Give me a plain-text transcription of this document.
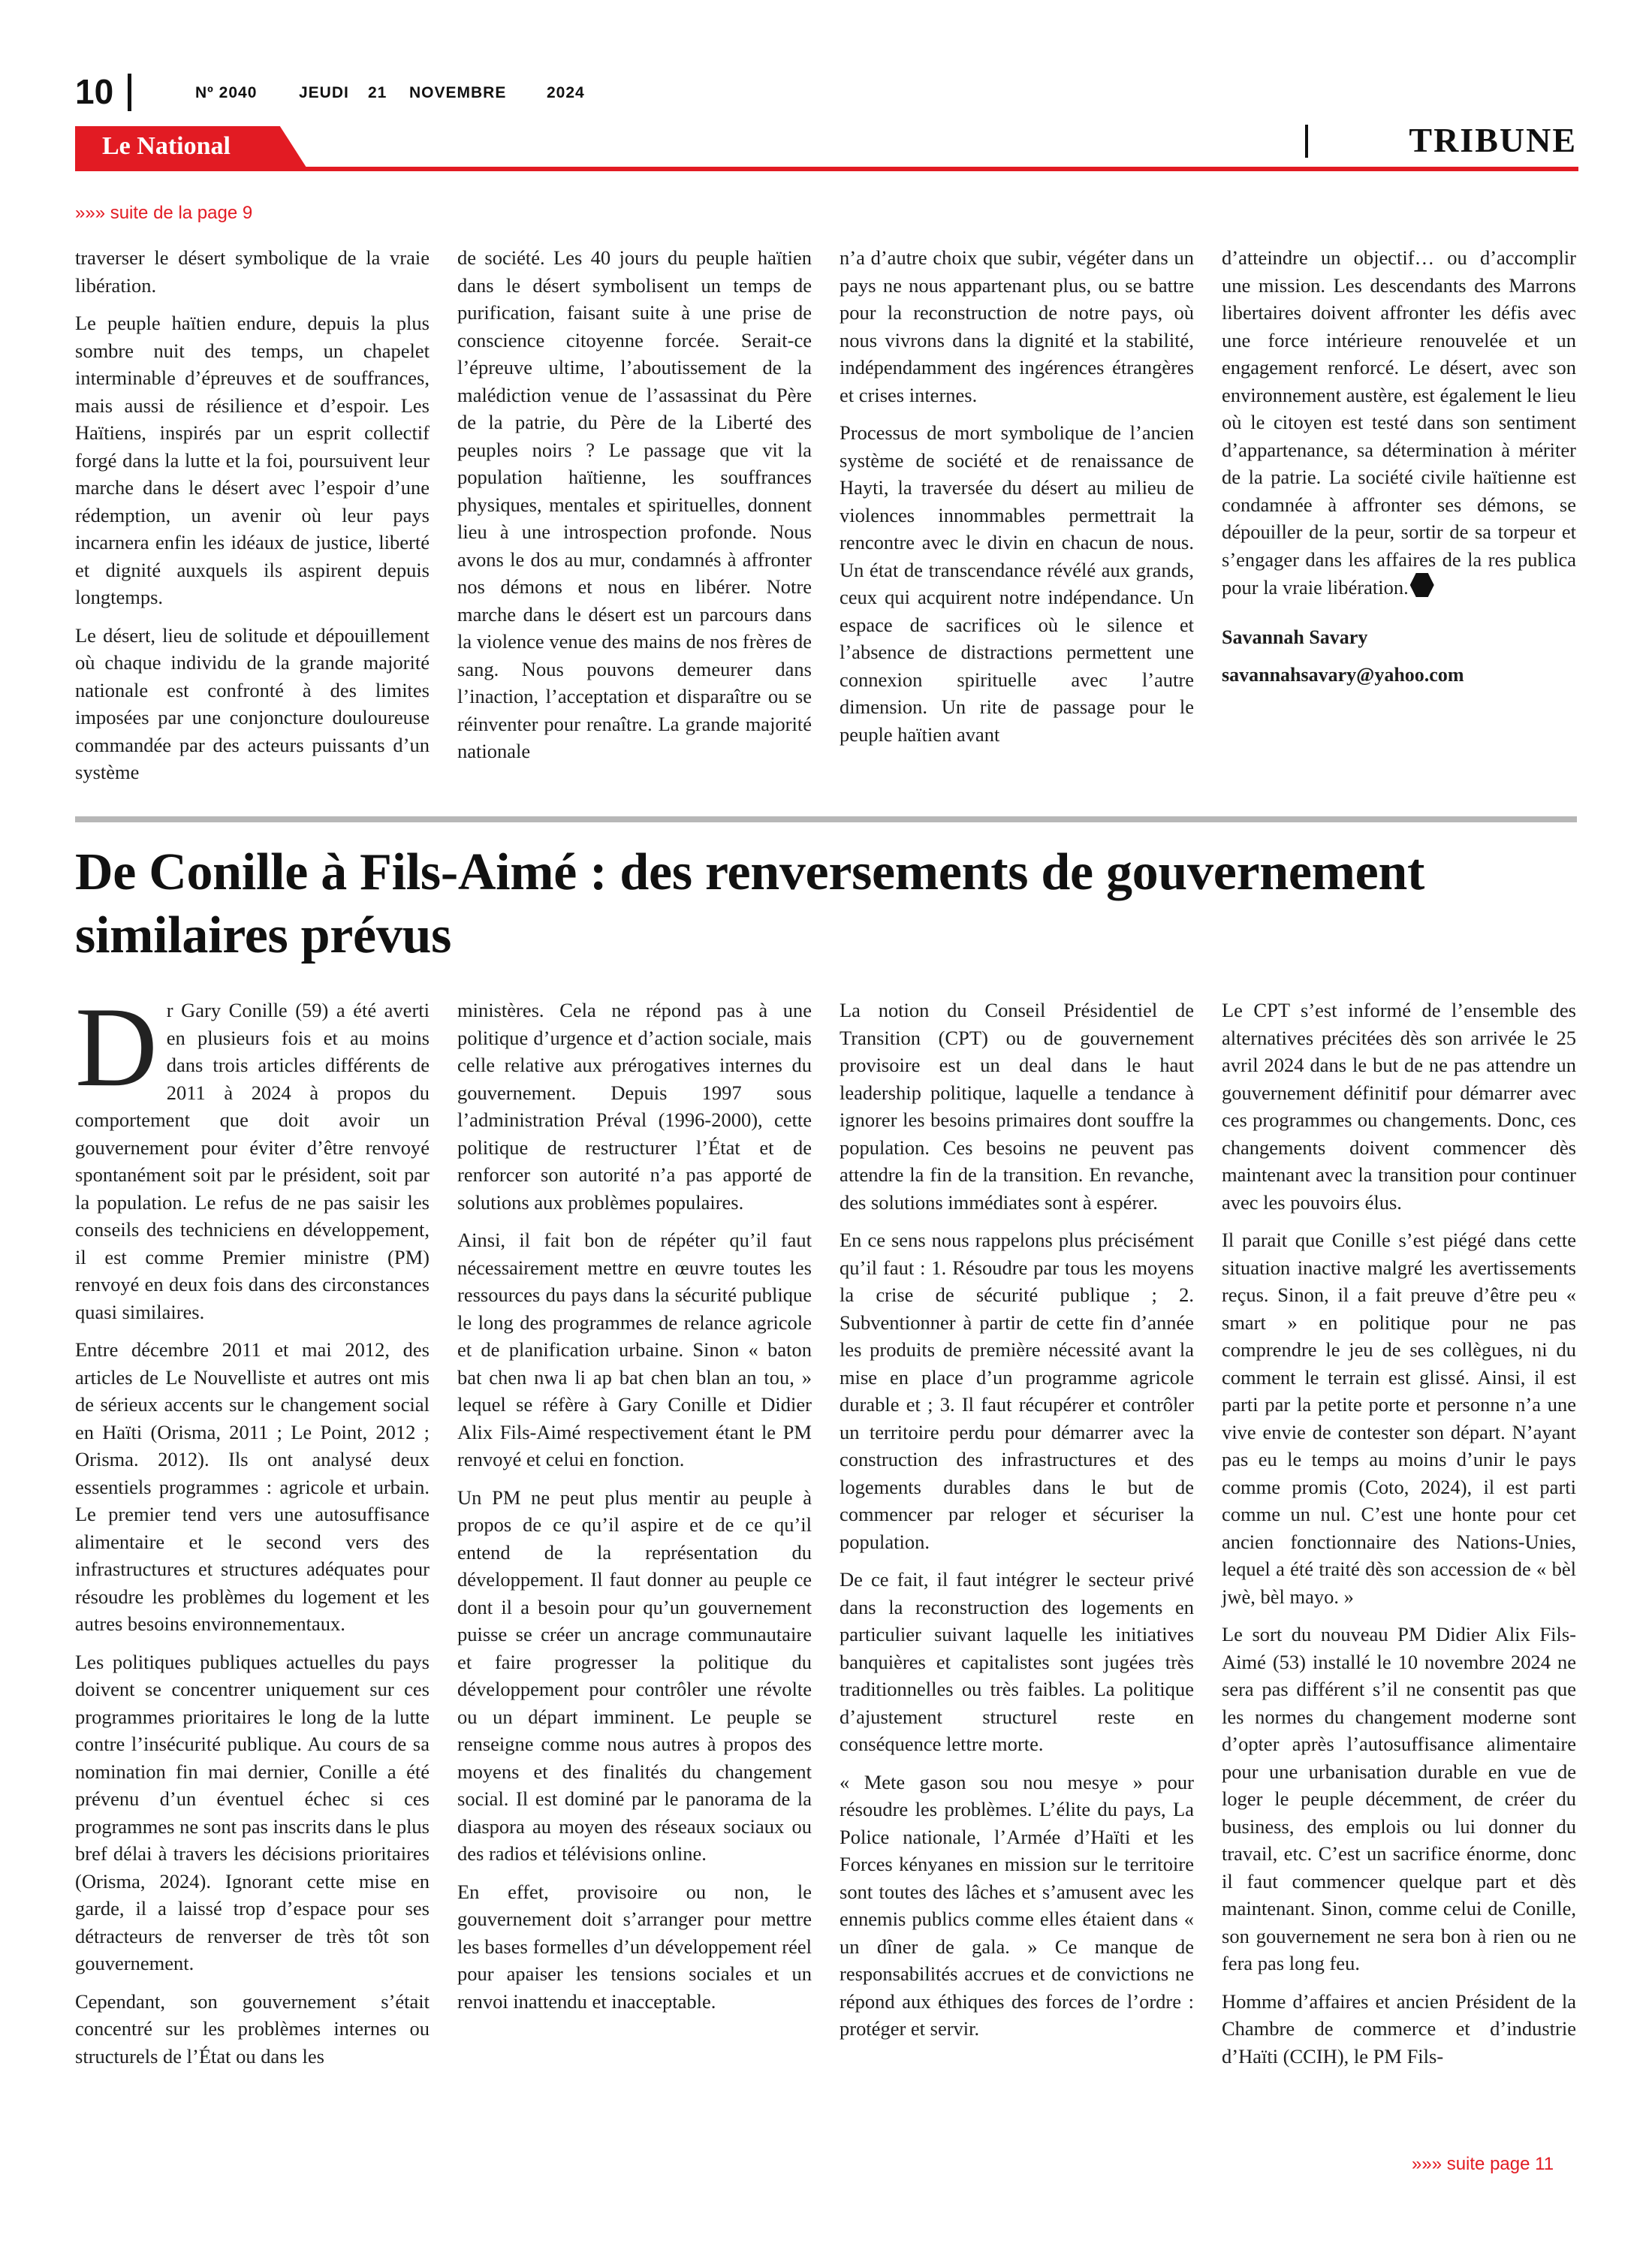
10	Nº 2040	JEUDI 21 NOVEMBRE	2024
Le National	TRIBUNE
»»» suite de la page 9

traverser le désert symbolique de la vraie libération.

Le peuple haïtien endure, depuis la plus sombre nuit des temps, un chapelet interminable d’épreuves et de souffrances, mais aussi de résilience et d’espoir. Les Haïtiens, inspirés par un esprit collectif forgé dans la lutte et la foi, poursuivent leur marche dans le désert avec l’espoir d’une rédemption, un avenir où leur pays incarnera enfin les idéaux de justice, liberté et dignité auxquels ils aspirent depuis longtemps.

Le désert, lieu de solitude et dépouillement où chaque individu de la grande majorité nationale est confronté à des limites imposées par une conjoncture douloureuse commandée par des acteurs puissants d’un système

de société. Les 40 jours du peuple haïtien dans le désert symbolisent un temps de purification, faisant suite à une prise de conscience citoyenne forcée. Serait-ce l’épreuve ultime, l’aboutissement de la malédiction venue de l’assassinat du Père de la patrie, du Père de la Liberté des peuples noirs ? Le passage que vit la population haïtienne, les souffrances physiques, mentales et spirituelles, donnent lieu à une introspection profonde. Nous avons le dos au mur, condamnés à affronter nos démons et nous en libérer. Notre marche dans le désert est un parcours dans la violence venue des mains de nos frères de sang. Nous pouvons demeurer dans l’inaction, l’acceptation et disparaître ou se réinventer pour renaître. La grande majorité nationale

n’a d’autre choix que subir, végéter dans un pays ne nous appartenant plus, ou se battre pour la reconstruction de notre pays, où nous vivrons dans la dignité et la stabilité, indépendamment des ingérences étrangères et crises internes.

Processus de mort symbolique de l’ancien système de société et de renaissance de Hayti, la traversée du désert au milieu de violences innommables permettrait la rencontre avec le divin en chacun de nous. Un état de transcendance révélé aux grands, ceux qui acquirent notre indépendance. Un espace de sacrifices où le silence et l’absence de distractions permettent une connexion spirituelle avec l’autre dimension. Un rite de passage pour le peuple haïtien avant

d’atteindre un objectif… ou d’accomplir une mission. Les descendants des Marrons libertaires doivent affronter les défis avec une force intérieure renouvelée et un engagement renforcé. Le désert, avec son environnement austère, est également le lieu où le citoyen est testé dans son sentiment d’appartenance, sa détermination à mériter de la patrie. La société civile haïtienne est condamnée à affronter ses démons, se dépouiller de la peur, sortir de sa torpeur et s’engager dans les affaires de la res publica pour la vraie libération.

Savannah Savary

savannahsavary@yahoo.com

De Conille à Fils-Aimé : des renversements de gouvernement similaires prévus

Dr Gary Conille (59) a été averti en plusieurs fois et au moins dans trois articles différents de 2011 à 2024 à propos du comportement que doit avoir un gouvernement pour éviter d’être renvoyé spontanément soit par le président, soit par la population. Le refus de ne pas saisir les conseils des techniciens en développement, il est comme Premier ministre (PM) renvoyé en deux fois dans des circonstances quasi similaires.

Entre décembre 2011 et mai 2012, des articles de Le Nouvelliste et autres ont mis de sérieux accents sur le changement social en Haïti (Orisma, 2011 ; Le Point, 2012 ; Orisma. 2012). Ils ont analysé deux essentiels programmes : agricole et urbain. Le premier tend vers une autosuffisance alimentaire et le second vers des infrastructures et structures adéquates pour résoudre les problèmes du logement et les autres besoins environnementaux.

Les politiques publiques actuelles du pays doivent se concentrer uniquement sur ces programmes prioritaires le long de la lutte contre l’insécurité publique. Au cours de sa nomination fin mai dernier, Conille a été prévenu d’un éventuel échec si ces programmes ne sont pas inscrits dans le plus bref délai à travers les décisions prioritaires (Orisma, 2024). Ignorant cette mise en garde, il a laissé trop d’espace pour ses détracteurs de renverser de très tôt son gouvernement.

Cependant, son gouvernement s’était concentré sur les problèmes internes ou structurels de l’État ou dans les

ministères. Cela ne répond pas à une politique d’urgence et d’action sociale, mais celle relative aux prérogatives internes du gouvernement. Depuis 1997 sous l’administration Préval (1996-2000), cette politique de restructurer l’État et de renforcer son autorité n’a pas apporté de solutions aux problèmes populaires.

Ainsi, il fait bon de répéter qu’il faut nécessairement mettre en œuvre toutes les ressources du pays dans la sécurité publique le long des programmes de relance agricole et de planification urbaine. Sinon « baton bat chen nwa li ap bat chen blan an tou, » lequel se réfère à Gary Conille et Didier Alix Fils-Aimé respectivement étant le PM renvoyé et celui en fonction.

Un PM ne peut plus mentir au peuple à propos de ce qu’il aspire et de ce qu’il entend de la représentation du développement. Il faut donner au peuple ce dont il a besoin pour qu’un gouvernement puisse se créer un ancrage communautaire et faire progresser la politique du développement pour contrôler une révolte ou un départ imminent. Le peuple se renseigne comme nous autres à propos des moyens et des finalités du changement social. Il est dominé par le panorama de la diaspora au moyen des réseaux sociaux ou des radios et télévisions online.

En effet, provisoire ou non, le gouvernement doit s’arranger pour mettre les bases formelles d’un développement réel pour apaiser les tensions sociales et un renvoi inattendu et inacceptable.

La notion du Conseil Présidentiel de Transition (CPT) ou de gouvernement provisoire est un deal dans le haut leadership politique, laquelle a tendance à ignorer les besoins primaires dont souffre la population. Ces besoins ne peuvent pas attendre la fin de la transition. En revanche, des solutions immédiates sont à espérer.

En ce sens nous rappelons plus précisément qu’il faut : 1. Résoudre par tous les moyens la crise de sécurité publique ; 2. Subventionner à partir de cette fin d’année les produits de première nécessité avant la mise en place d’un programme agricole durable et ; 3. Il faut récupérer et contrôler un territoire perdu pour démarrer avec la construction des infrastructures et des logements durables dans le but de commencer par reloger et sécuriser la population.

De ce fait, il faut intégrer le secteur privé dans la reconstruction des logements en particulier suivant laquelle les initiatives banquières et capitalistes sont jugées très traditionnelles ou très faibles. La politique d’ajustement structurel reste en conséquence lettre morte.

« Mete gason sou nou mesye » pour résoudre les problèmes. L’élite du pays, La Police nationale, l’Armée d’Haïti et les Forces kényanes en mission sur le territoire sont toutes des lâches et s’amusent avec les ennemis publics comme elles étaient dans « un dîner de gala. » Ce manque de responsabilités accrues et de convictions ne répond aux éthiques des forces de l’ordre : protéger et servir.

Le CPT s’est informé de l’ensemble des alternatives précitées dès son arrivée le 25 avril 2024 dans le but de ne pas attendre un gouvernement définitif pour démarrer avec ces programmes ou changements. Donc, ces changements doivent commencer dès maintenant avec la transition pour continuer avec les pouvoirs élus.

Il parait que Conille s’est piégé dans cette situation inactive malgré les avertissements reçus. Sinon, il a fait preuve d’être peu « smart » en politique pour ne pas comprendre le jeu de ses collègues, ni du comment le terrain est glissé. Ainsi, il est parti par la petite porte et personne n’a une vive envie de contester son départ. N’ayant pas eu le temps au moins d’unir le pays comme promis (Coto, 2024), il est parti comme un nul. C’est une honte pour cet ancien fonctionnaire des Nations-Unies, lequel a été traité dès son accession de « bèl jwè, bèl mayo. »

Le sort du nouveau PM Didier Alix Fils-Aimé (53) installé le 10 novembre 2024 ne sera pas différent s’il ne consentit pas que les normes du changement moderne sont d’opter après l’autosuffisance alimentaire pour une urbanisation durable en vue de loger le peuple décemment, de créer du business, des emplois ou lui donner du travail, etc. C’est un sacrifice énorme, donc il faut commencer quelque part et dès maintenant. Sinon, comme celui de Conille, son gouvernement ne sera bon à rien ou ne fera pas long feu.

Homme d’affaires et ancien Président de la Chambre de commerce et d’industrie d’Haïti (CCIH), le PM Fils-

»»» suite page 11
